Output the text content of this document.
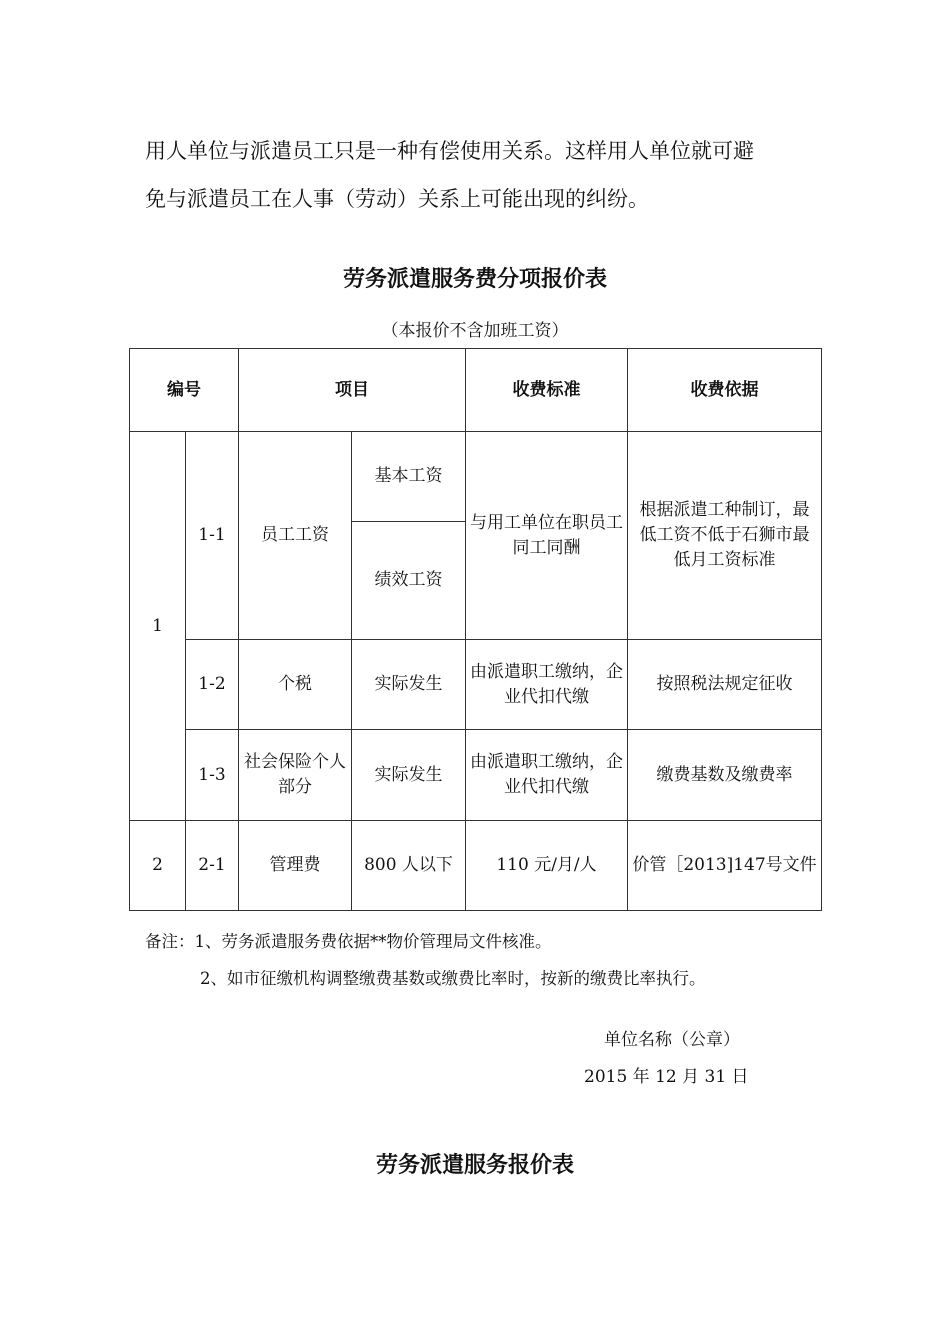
用人单位与派遣员工只是一种有偿使用关系。这样用人单位就可避
免与派遣员工在人事（劳动）关系上可能出现的纠纷。
劳务派遣服务费分项报价表
（本报价不含加班工资）
编号		项目		收费标准	收费依据
1	1-1	员工工资	基本工资	与用工单位在职员工同工同酬	根据派遣工种制订，最低工资不低于石狮市最低月工资标准
			绩效工资		
	1-2	个税	实际发生	由派遣职工缴纳，企业代扣代缴	按照税法规定征收
	1-3	社会保险个人部分	实际发生	由派遣职工缴纳，企业代扣代缴	缴费基数及缴费率

2	2-1	管理费	800 人以下	110 元/月/人	价管［2013]147号文件
备注：1、劳务派遣服务费依据**物价管理局文件核准。
2、如市征缴机构调整缴费基数或缴费比率时，按新的缴费比率执行。
单位名称（公章）
2015 年 12 月 31 日
劳务派遣服务报价表
